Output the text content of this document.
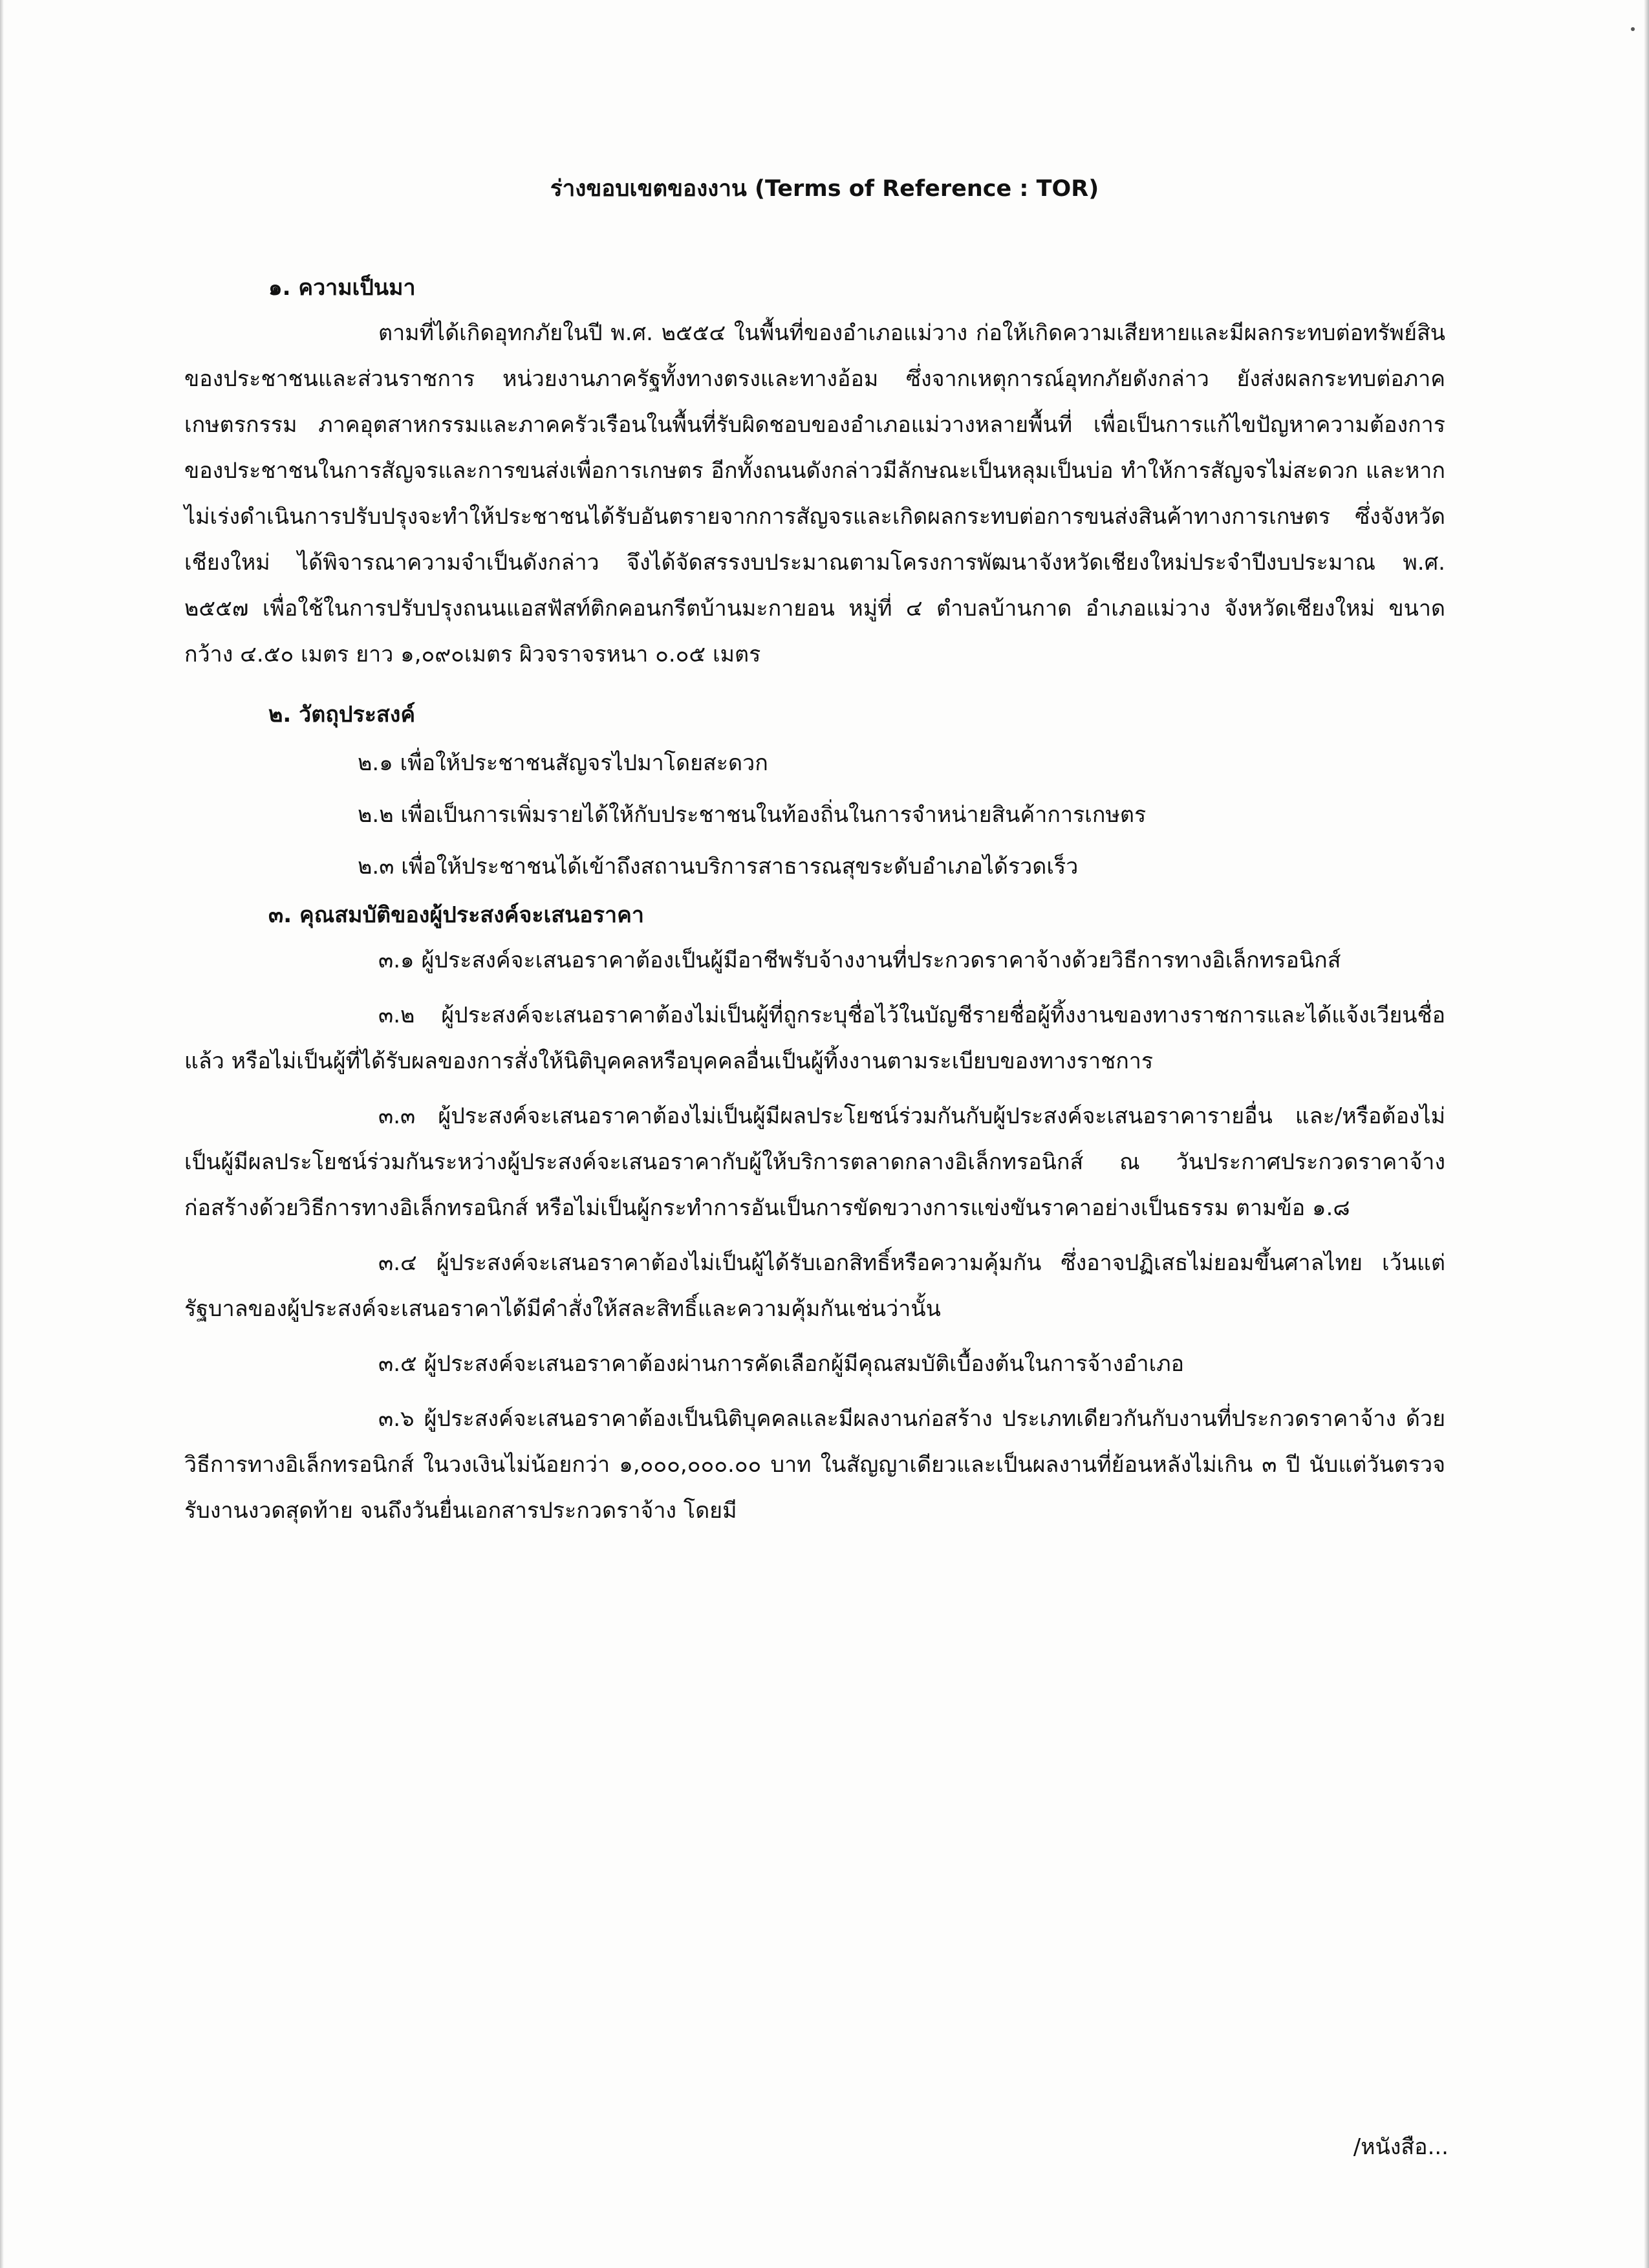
ร่างขอบเขตของงาน (Terms of Reference : TOR)

๑. ความเป็นมา

ตามที่ได้เกิดอุทกภัยในปี พ.ศ. ๒๕๕๔ ในพื้นที่ของอำเภอแม่วาง ก่อให้เกิดความเสียหายและมีผลกระทบต่อทรัพย์สินของประชาชนและส่วนราชการ หน่วยงานภาครัฐทั้งทางตรงและทางอ้อม ซึ่งจากเหตุการณ์อุทกภัยดังกล่าว ยังส่งผลกระทบต่อภาคเกษตรกรรม ภาคอุตสาหกรรมและภาคครัวเรือนในพื้นที่รับผิดชอบของอำเภอแม่วางหลายพื้นที่ เพื่อเป็นการแก้ไขปัญหาความต้องการของประชาชนในการสัญจรและการขนส่งเพื่อการเกษตร อีกทั้งถนนดังกล่าวมีลักษณะเป็นหลุมเป็นบ่อ ทำให้การสัญจรไม่สะดวก และหากไม่เร่งดำเนินการปรับปรุงจะทำให้ประชาชนได้รับอันตรายจากการสัญจรและเกิดผลกระทบต่อการขนส่งสินค้าทางการเกษตร ซึ่งจังหวัดเชียงใหม่ ได้พิจารณาความจำเป็นดังกล่าว จึงได้จัดสรรงบประมาณตามโครงการพัฒนาจังหวัดเชียงใหม่ประจำปีงบประมาณ พ.ศ. ๒๕๕๗ เพื่อใช้ในการปรับปรุงถนนแอสฟัสท์ติกคอนกรีตบ้านมะกายอน หมู่ที่ ๔ ตำบลบ้านกาด อำเภอแม่วาง จังหวัดเชียงใหม่ ขนาดกว้าง ๔.๕๐ เมตร ยาว ๑,๐๙๐เมตร ผิวจราจรหนา ๐.๐๕ เมตร

๒. วัตถุประสงค์

๒.๑ เพื่อให้ประชาชนสัญจรไปมาโดยสะดวก

๒.๒ เพื่อเป็นการเพิ่มรายได้ให้กับประชาชนในท้องถิ่นในการจำหน่ายสินค้าการเกษตร

๒.๓ เพื่อให้ประชาชนได้เข้าถึงสถานบริการสาธารณสุขระดับอำเภอได้รวดเร็ว

๓. คุณสมบัติของผู้ประสงค์จะเสนอราคา

๓.๑ ผู้ประสงค์จะเสนอราคาต้องเป็นผู้มีอาชีพรับจ้างงานที่ประกวดราคาจ้างด้วยวิธีการทางอิเล็กทรอนิกส์

๓.๒ ผู้ประสงค์จะเสนอราคาต้องไม่เป็นผู้ที่ถูกระบุชื่อไว้ในบัญชีรายชื่อผู้ทิ้งงานของทางราชการและได้แจ้งเวียนชื่อแล้ว หรือไม่เป็นผู้ที่ได้รับผลของการสั่งให้นิติบุคคลหรือบุคคลอื่นเป็นผู้ทิ้งงานตามระเบียบของทางราชการ

๓.๓ ผู้ประสงค์จะเสนอราคาต้องไม่เป็นผู้มีผลประโยชน์ร่วมกันกับผู้ประสงค์จะเสนอราคารายอื่น และ/หรือต้องไม่เป็นผู้มีผลประโยชน์ร่วมกันระหว่างผู้ประสงค์จะเสนอราคากับผู้ให้บริการตลาดกลางอิเล็กทรอนิกส์ ณ วันประกาศประกวดราคาจ้างก่อสร้างด้วยวิธีการทางอิเล็กทรอนิกส์ หรือไม่เป็นผู้กระทำการอันเป็นการขัดขวางการแข่งขันราคาอย่างเป็นธรรม ตามข้อ ๑.๘

๓.๔ ผู้ประสงค์จะเสนอราคาต้องไม่เป็นผู้ได้รับเอกสิทธิ์หรือความคุ้มกัน ซึ่งอาจปฏิเสธไม่ยอมขึ้นศาลไทย เว้นแต่รัฐบาลของผู้ประสงค์จะเสนอราคาได้มีคำสั่งให้สละสิทธิ์และความคุ้มกันเช่นว่านั้น

๓.๕ ผู้ประสงค์จะเสนอราคาต้องผ่านการคัดเลือกผู้มีคุณสมบัติเบื้องต้นในการจ้างอำเภอ

๓.๖ ผู้ประสงค์จะเสนอราคาต้องเป็นนิติบุคคลและมีผลงานก่อสร้าง ประเภทเดียวกันกับงานที่ประกวดราคาจ้าง ด้วยวิธีการทางอิเล็กทรอนิกส์ ในวงเงินไม่น้อยกว่า ๑,๐๐๐,๐๐๐.๐๐ บาท ในสัญญาเดียวและเป็นผลงานที่ย้อนหลังไม่เกิน ๓ ปี นับแต่วันตรวจรับงานงวดสุดท้าย จนถึงวันยื่นเอกสารประกวดราจ้าง โดยมี

/หนังสือ...
